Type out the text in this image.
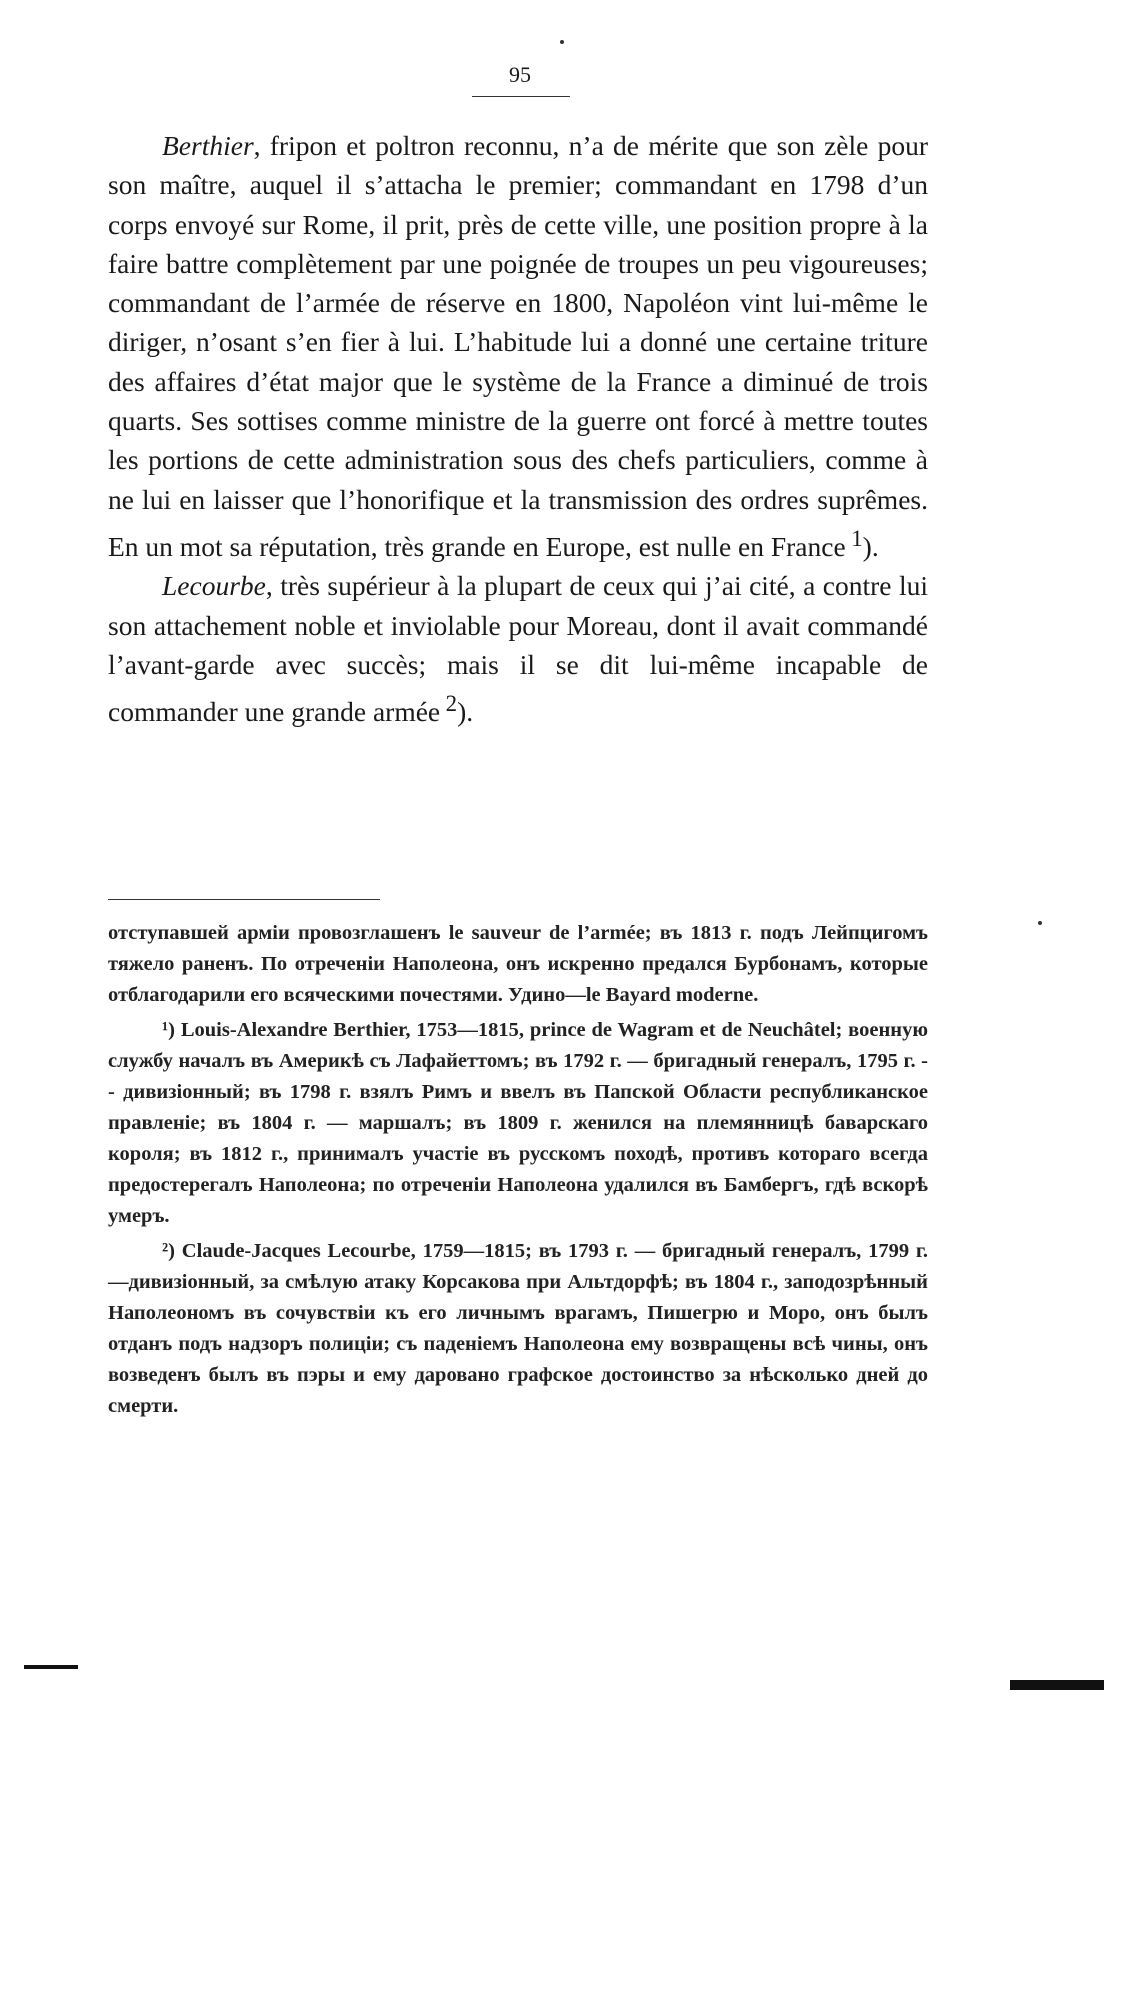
95

Berthier, fripon et poltron reconnu, n’a de mérite que son zèle pour son maître, auquel il s’attacha le premier; commandant en 1798 d’un corps envoyé sur Rome, il prit, près de cette ville, une position propre à la faire battre complètement par une poignée de troupes un peu vigoureuses; commandant de l’armée de réserve en 1800, Napoléon vint lui-même le diriger, n’osant s’en fier à lui. L’habitude lui a donné une certaine triture des affaires d’état major que le système de la France a diminué de trois quarts. Ses sottises comme ministre de la guerre ont forcé à mettre toutes les portions de cette administration sous des chefs particuliers, comme à ne lui en laisser que l’honorifique et la transmission des ordres suprêmes. En un mot sa réputation, très grande en Europe, est nulle en France  $^1$).

Lecourbe, très supérieur à la plupart de ceux qui j’ai cité, a contre lui son attachement noble et inviolable pour Moreau, dont il avait commandé l’avant-garde avec succès; mais il se dit lui-même incapable de commander une grande armée  $^2$).

отступавшей арміи провозглашенъ le sauveur de l’armée; въ 1813 г. подъ Лейпцигомъ тяжело раненъ. По отреченіи Наполеона, онъ искренно предался Бурбонамъ, которые отблагодарили его всяческими почестями. Удино—le Bayard moderne.

¹) Louis-Alexandre Berthier, 1753—1815, prince de Wagram et de Neuchâtel; военную службу началъ въ Америкѣ съ Лафайеттомъ; въ 1792 г. — бригадный генералъ, 1795 г. - - дивизіонный; въ 1798 г. взялъ Римъ и ввелъ въ Папской Области республиканское правленіе; въ 1804 г. — маршалъ; въ 1809 г. женился на племянницѣ баварскаго короля; въ 1812 г., принималъ участіе въ русскомъ походѣ, противъ котораго всегда предостерегалъ Наполеона; по отреченіи Наполеона удалился въ Бамбергъ, гдѣ вскорѣ умеръ.

²) Claude-Jacques Lecourbe, 1759—1815; въ 1793 г. — бригадный генералъ, 1799 г.—дивизіонный, за смѣлую атаку Корсакова при Альтдорфѣ; въ 1804 г., заподозрѣнный Наполеономъ въ сочувствіи къ его личнымъ врагамъ, Пишегрю и Моро, онъ былъ отданъ подъ надзоръ полиціи; съ паденіемъ Наполеона ему возвращены всѣ чины, онъ возведенъ былъ въ пэры и ему даровано графское достоинство за нѣсколько дней до смерти.
